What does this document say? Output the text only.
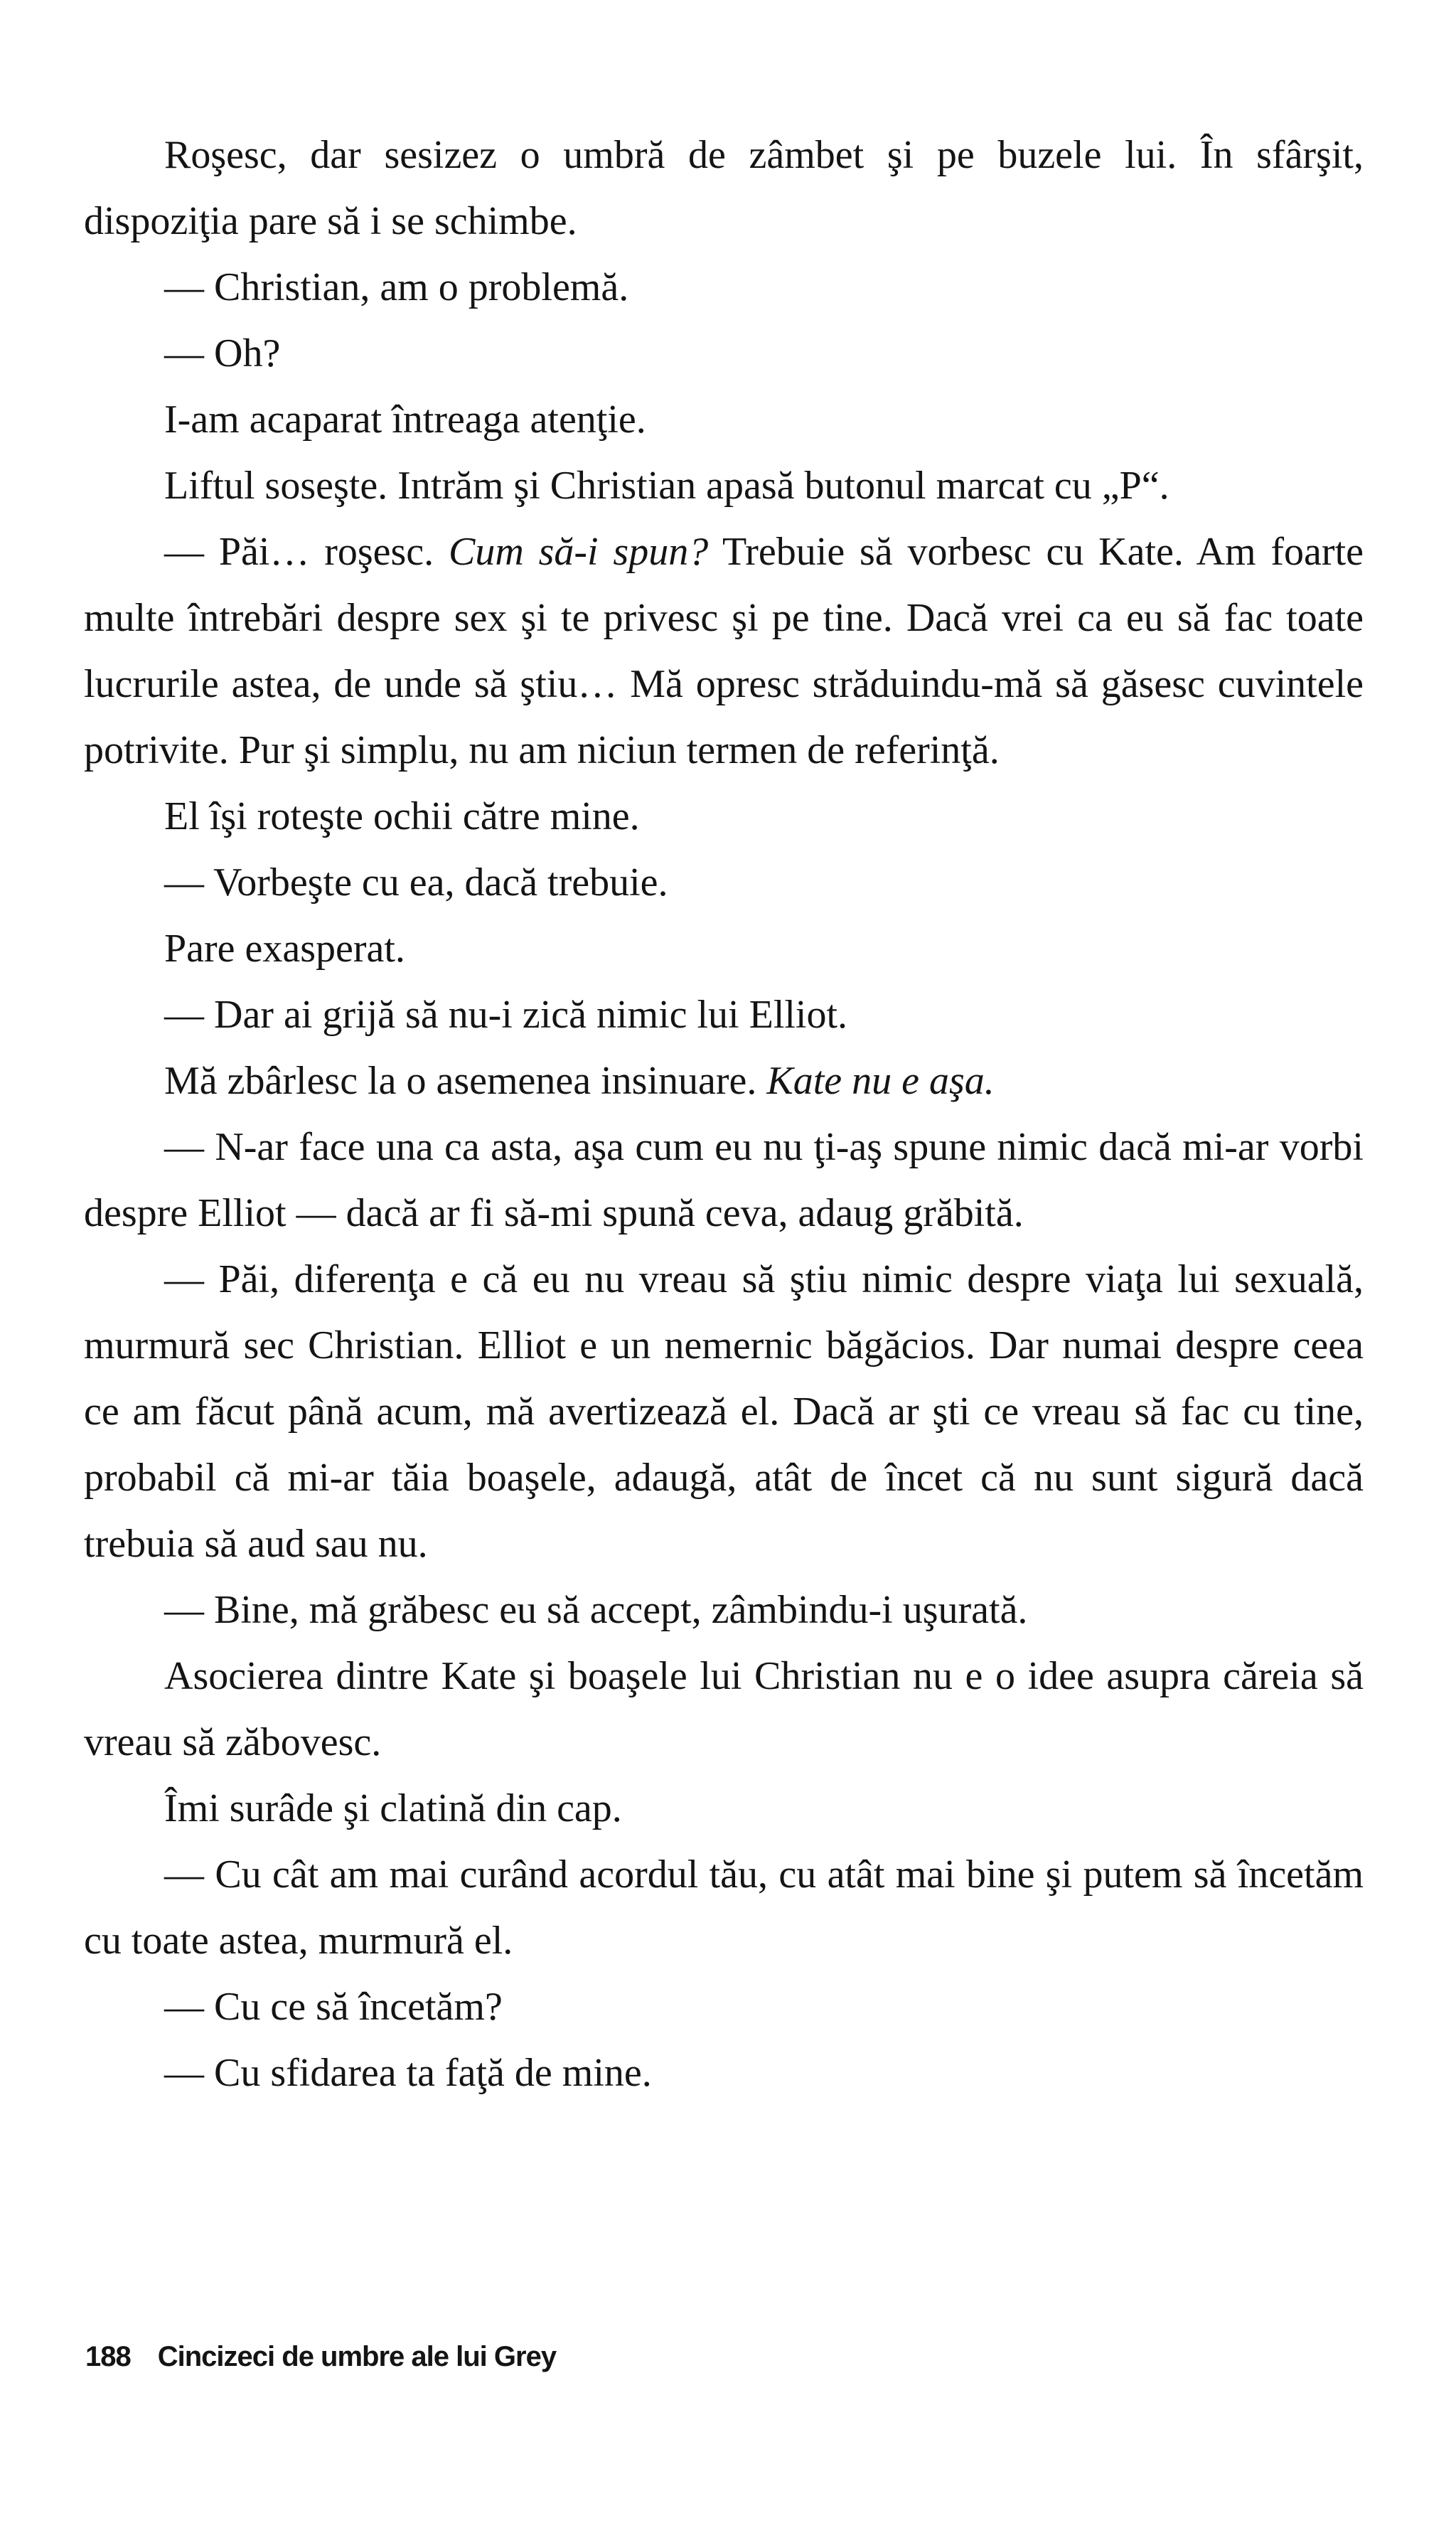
Roşesc, dar sesizez o umbră de zâmbet şi pe buzele lui. În sfârşit, dispoziţia pare să i se schimbe.

— Christian, am o problemă.

— Oh?

I-am acaparat întreaga atenţie.

Liftul soseşte. Intrăm şi Christian apasă butonul marcat cu „P“.

— Păi… roşesc. Cum să-i spun? Trebuie să vorbesc cu Kate. Am foarte multe întrebări despre sex şi te privesc şi pe tine. Dacă vrei ca eu să fac toate lucrurile astea, de unde să ştiu… Mă opresc străduindu-mă să găsesc cuvintele potrivite. Pur şi simplu, nu am niciun termen de referinţă.

El îşi roteşte ochii către mine.

— Vorbeşte cu ea, dacă trebuie.

Pare exasperat.

— Dar ai grijă să nu-i zică nimic lui Elliot.

Mă zbârlesc la o asemenea insinuare. Kate nu e aşa.

— N-ar face una ca asta, aşa cum eu nu ţi-aş spune nimic dacă mi-ar vorbi despre Elliot — dacă ar fi să-mi spună ceva, adaug grăbită.

— Păi, diferenţa e că eu nu vreau să ştiu nimic despre viaţa lui sexuală, murmură sec Christian. Elliot e un nemernic băgăcios. Dar numai despre ceea ce am făcut până acum, mă avertizează el. Dacă ar şti ce vreau să fac cu tine, probabil că mi-ar tăia boaşele, adaugă, atât de încet că nu sunt sigură dacă trebuia să aud sau nu.

— Bine, mă grăbesc eu să accept, zâmbindu-i uşurată.

Asocierea dintre Kate şi boaşele lui Christian nu e o idee asupra căreia să vreau să zăbovesc.

Îmi surâde şi clatină din cap.

— Cu cât am mai curând acordul tău, cu atât mai bine şi putem să încetăm cu toate astea, murmură el.

— Cu ce să încetăm?

— Cu sfidarea ta faţă de mine.

188 Cincizeci de umbre ale lui Grey
